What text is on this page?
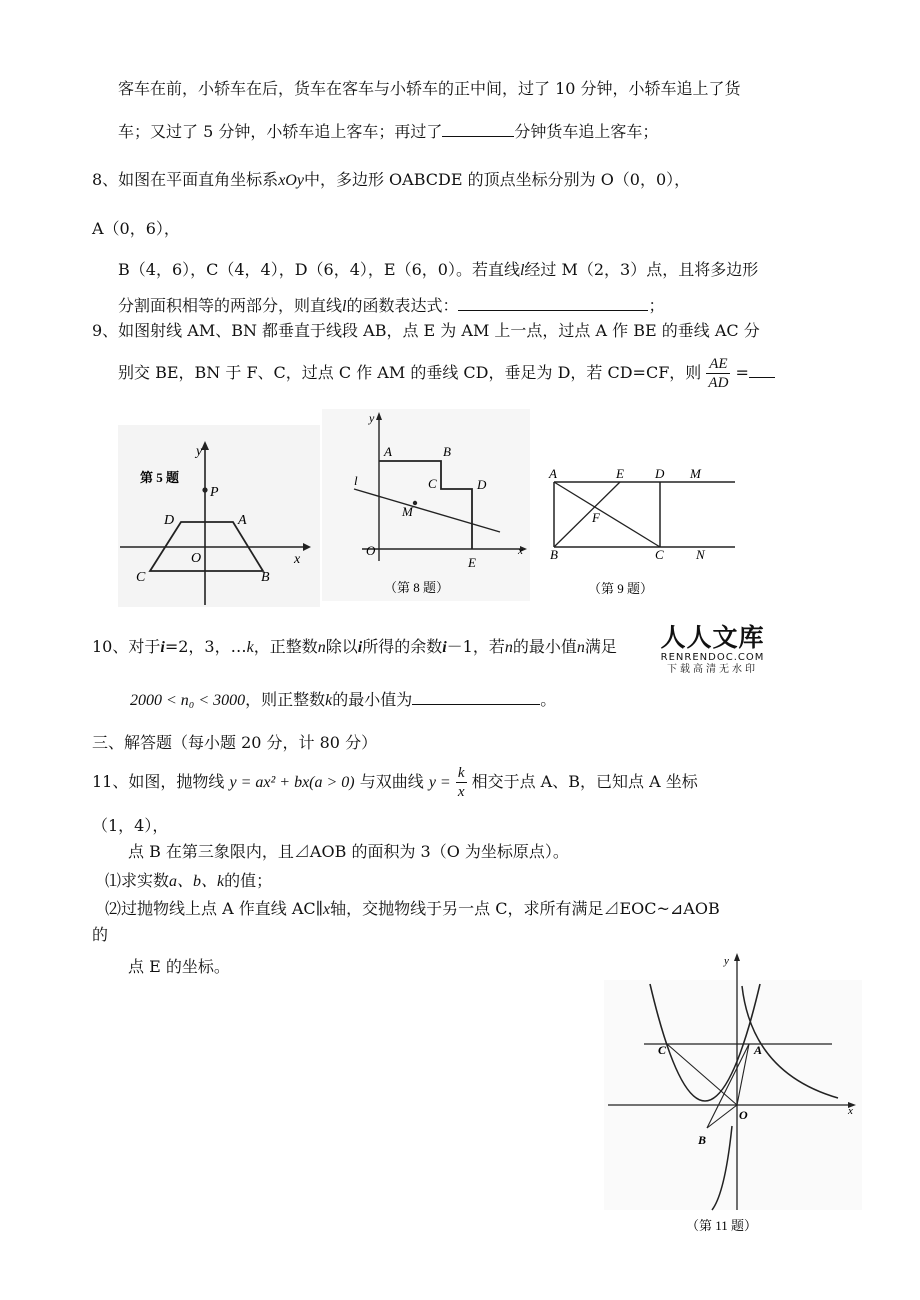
客车在前，小轿车在后，货车在客车与小轿车的正中间，过了 10 分钟，小轿车追上了货
车；又过了 5 分钟，小轿车追上客车；再过了	分钟货车追上客车；
8、如图在平面直角坐标系xOy中，多边形 OABCDE 的顶点坐标分别为 O（0，0），
A（0，6），
B（4，6），C（4，4），D（6，4），E（6，0）。若直线l经过 M（2，3）点，且将多边形
分割面积相等的两部分，则直线l的函数表达式：	；
9、如图射线 AM、BN 都垂直于线段 AB，点 E 为 AM 上一点，过点 A 作 BE 的垂线 AC 分
别交 BE，BN 于 F、C，过点 C 作 AM 的垂线 CD，垂足为 D，若 CD=CF，则 $\frac{AE}{AD}$ =
第 5 题
y
P
D	A
O	x
C	B
y
A	B
C	D
l
M
O
E
x
（第 8 题）
A	E D M
F
B	C N
（第 9 题）
人人文库
RENRENDOC.COM
下载高清无水印
10、对于i=2，3，…k，正整数n除以i所得的余数i－1，若n的最小值n满足
2000 < n₀ < 3000，则正整数k的最小值为	。
三、解答题（每小题 20 分，计 80 分）
11、如图，抛物线 y = ax² + bx(a > 0) 与双曲线 $y = \frac{k}{x}$ 相交于点 A、B，已知点 A 坐标
（1，4），
点 B 在第三象限内，且⊿AOB 的面积为 3（O 为坐标原点）。
⑴求实数a、b、k的值；
⑵过抛物线上点 A 作直线 AC∥x轴，交抛物线于另一点 C，求所有满足⊿EOC~⊿AOB
的
点 E 的坐标。	y
C	A
O	x
B
（第 11 题）
